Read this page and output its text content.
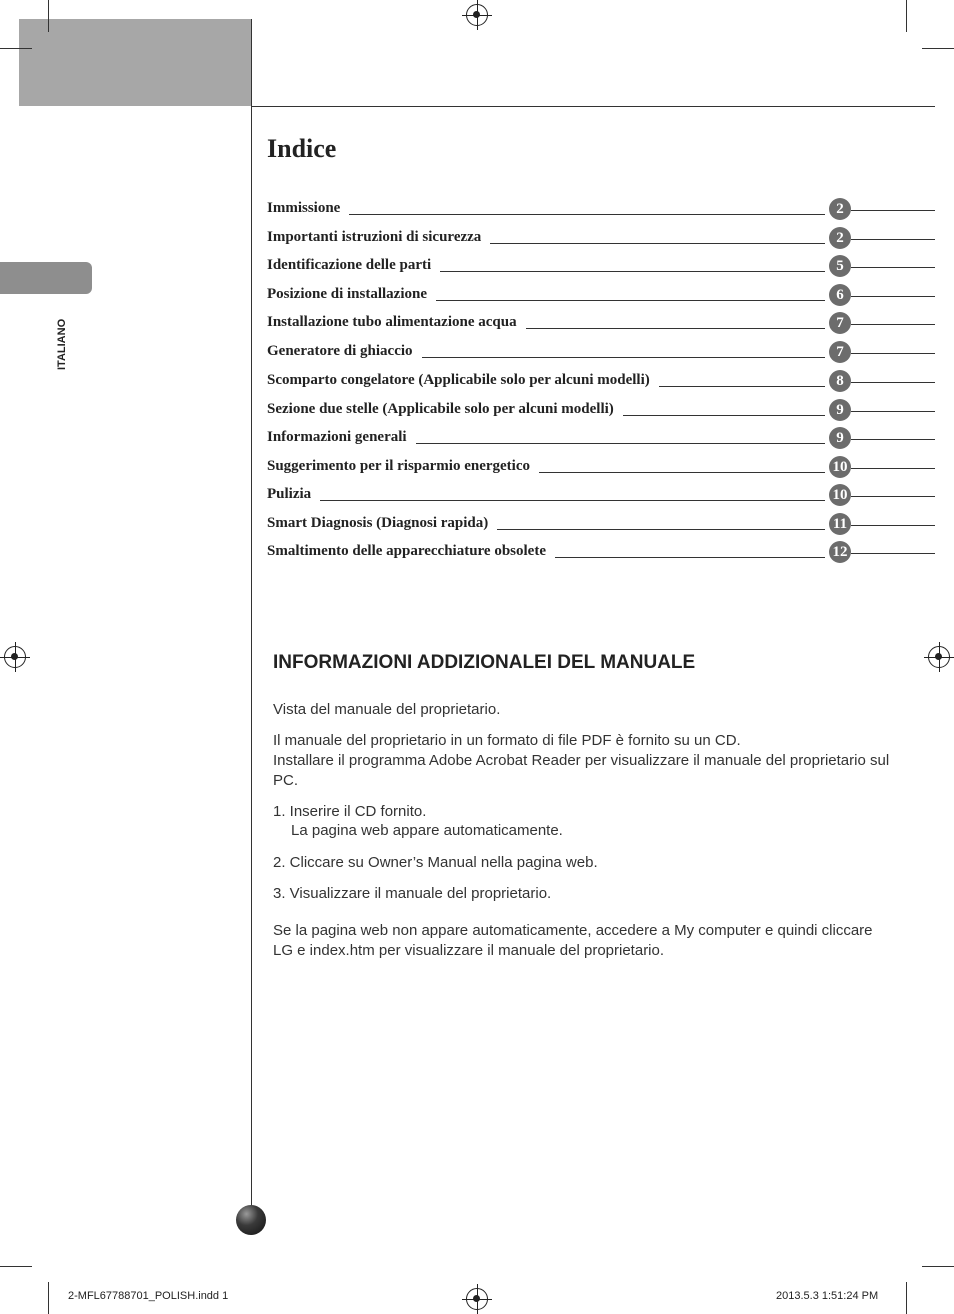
ITALIANO
Indice
Immissione	2
Importanti istruzioni di sicurezza	2
Identificazione delle parti	5
Posizione di installazione	6
Installazione tubo alimentazione acqua	7
Generatore di ghiaccio	7
Scomparto congelatore (Applicabile solo per alcuni modelli)	8
Sezione due stelle (Applicabile solo per alcuni modelli)	9
Informazioni generali	9
Suggerimento per il risparmio energetico	10
Pulizia	10
Smart Diagnosis (Diagnosi rapida)	11
Smaltimento delle apparecchiature obsolete	12
INFORMAZIONI ADDIZIONALEI DEL MANUALE
Vista del manuale del proprietario.
Il manuale del proprietario in un formato di file PDF è fornito su un CD.
Installare il programma Adobe Acrobat Reader per visualizzare il manuale del proprietario sul PC.
1. Inserire il CD fornito.
La pagina web appare automaticamente.
2. Cliccare su Owner’s Manual nella pagina web.
3. Visualizzare il manuale del proprietario.
Se la pagina web non appare automaticamente, accedere a My computer e quindi cliccare LG e index.htm per visualizzare il manuale del proprietario.
2-MFL67788701_POLISH.indd 1	2013.5.3 1:51:24 PM
